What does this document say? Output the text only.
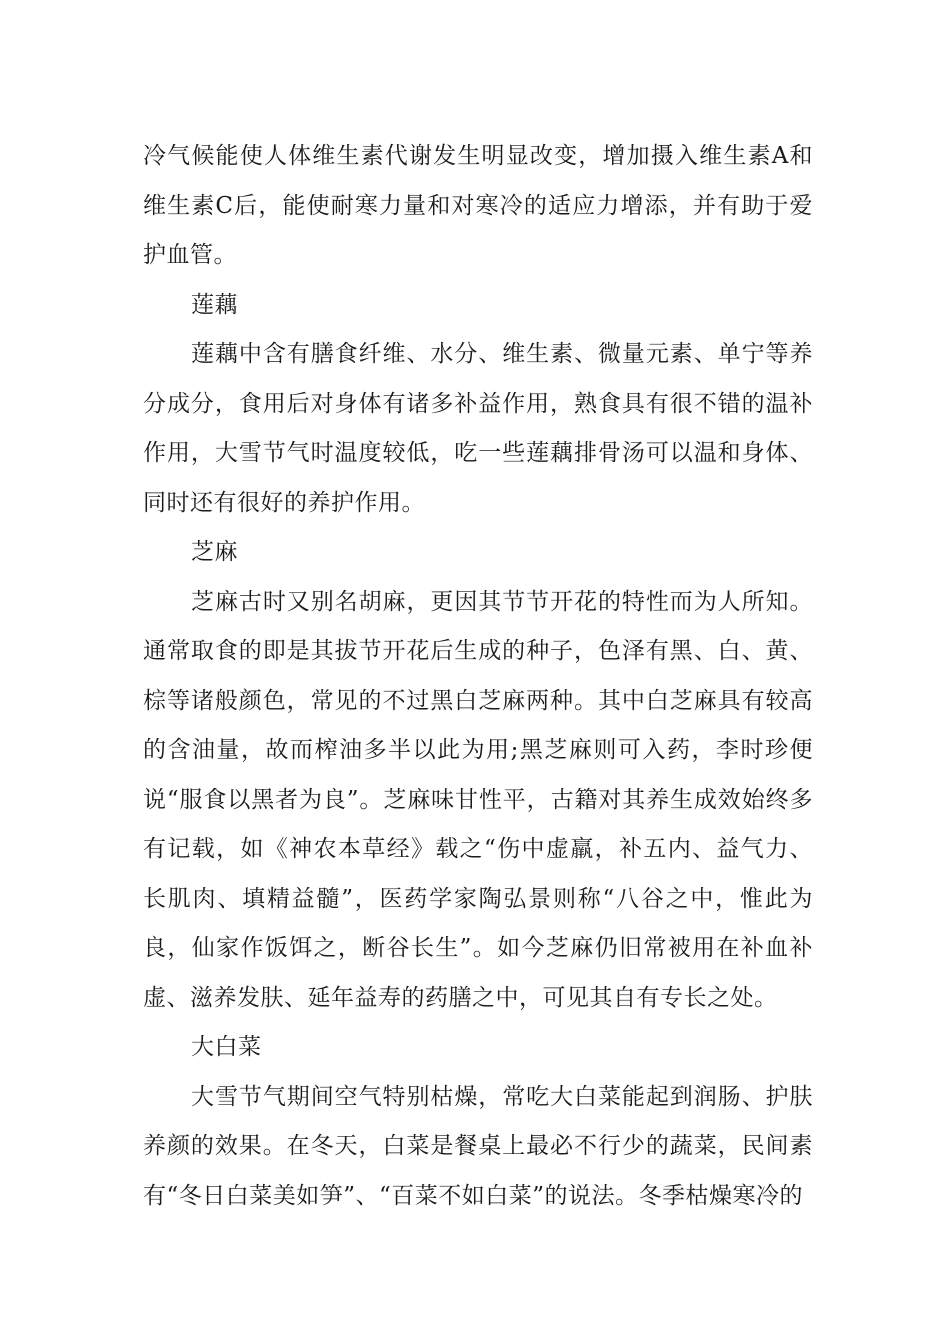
冷气候能使人体维生素代谢发生明显改变，增加摄入维生素A和维生素C后，能使耐寒力量和对寒冷的适应力增添，并有助于爱护血管。

莲藕

莲藕中含有膳食纤维、水分、维生素、微量元素、单宁等养分成分，食用后对身体有诸多补益作用，熟食具有很不错的温补作用，大雪节气时温度较低，吃一些莲藕排骨汤可以温和身体、同时还有很好的养护作用。

芝麻

芝麻古时又别名胡麻，更因其节节开花的特性而为人所知。通常取食的即是其拔节开花后生成的种子，色泽有黑、白、黄、棕等诸般颜色，常见的不过黑白芝麻两种。其中白芝麻具有较高的含油量，故而榨油多半以此为用;黑芝麻则可入药，李时珍便说“服食以黑者为良”。芝麻味甘性平，古籍对其养生成效始终多有记载，如《神农本草经》载之“伤中虚羸，补五内、益气力、长肌肉、填精益髓”，医药学家陶弘景则称“八谷之中，惟此为良，仙家作饭饵之，断谷长生”。如今芝麻仍旧常被用在补血补虚、滋养发肤、延年益寿的药膳之中，可见其自有专长之处。

大白菜

大雪节气期间空气特别枯燥，常吃大白菜能起到润肠、护肤养颜的效果。在冬天，白菜是餐桌上最必不行少的蔬菜，民间素有“冬日白菜美如笋”、“百菜不如白菜”的说法。冬季枯燥寒冷的
